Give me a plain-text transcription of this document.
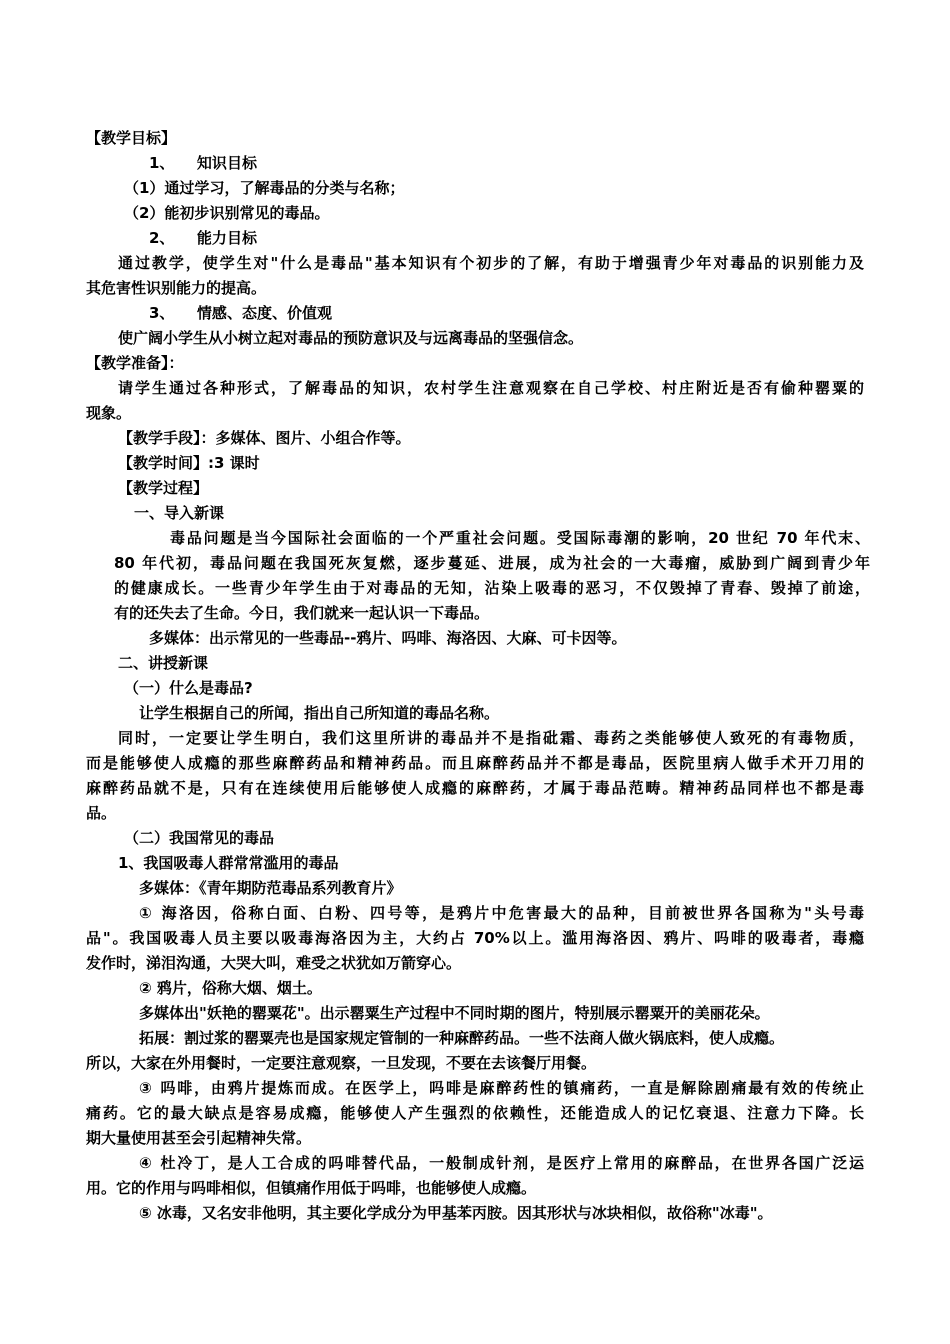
【教学目标】
1、　　知识目标
（1）通过学习，了解毒品的分类与名称；
（2）能初步识别常见的毒品。
2、　　能力目标
通过教学，使学生对"什么是毒品"基本知识有个初步的了解，有助于增强青少年对毒品的识别能力及
其危害性识别能力的提高。
3、　　情感、态度、价值观
使广阔小学生从小树立起对毒品的预防意识及与远离毒品的坚强信念。
【教学准备】：
请学生通过各种形式，了解毒品的知识，农村学生注意观察在自己学校、村庄附近是否有偷种罂粟的
现象。
【教学手段】：多媒体、图片、小组合作等。
【教学时间】:3 课时
【教学过程】
一、导入新课
毒品问题是当今国际社会面临的一个严重社会问题。受国际毒潮的影响，20 世纪 70 年代末、
80 年代初，毒品问题在我国死灰复燃，逐步蔓延、进展，成为社会的一大毒瘤，威胁到广阔到青少年
的健康成长。一些青少年学生由于对毒品的无知，沾染上吸毒的恶习，不仅毁掉了青春、毁掉了前途，
有的还失去了生命。今日，我们就来一起认识一下毒品。
多媒体：出示常见的一些毒品--鸦片、吗啡、海洛因、大麻、可卡因等。
二、讲授新课
（一）什么是毒品?
让学生根据自己的所闻，指出自己所知道的毒品名称。
同时，一定要让学生明白，我们这里所讲的毒品并不是指砒霜、毒药之类能够使人致死的有毒物质，
而是能够使人成瘾的那些麻醉药品和精神药品。而且麻醉药品并不都是毒品，医院里病人做手术开刀用的
麻醉药品就不是，只有在连续使用后能够使人成瘾的麻醉药，才属于毒品范畴。精神药品同样也不都是毒
品。
（二）我国常见的毒品
1、我国吸毒人群常常滥用的毒品
多媒体：《青年期防范毒品系列教育片》
① 海洛因，俗称白面、白粉、四号等，是鸦片中危害最大的品种，目前被世界各国称为"头号毒
品"。我国吸毒人员主要以吸毒海洛因为主，大约占 70%以上。滥用海洛因、鸦片、吗啡的吸毒者，毒瘾
发作时，涕泪沟通，大哭大叫，难受之状犹如万箭穿心。
② 鸦片，俗称大烟、烟土。
多媒体出"妖艳的罂粟花"。出示罂粟生产过程中不同时期的图片，特别展示罂粟开的美丽花朵。
拓展：割过浆的罂粟壳也是国家规定管制的一种麻醉药品。一些不法商人做火锅底料，使人成瘾。
所以，大家在外用餐时，一定要注意观察，一旦发现，不要在去该餐厅用餐。
③ 吗啡，由鸦片提炼而成。在医学上，吗啡是麻醉药性的镇痛药，一直是解除剧痛最有效的传统止
痛药。它的最大缺点是容易成瘾，能够使人产生强烈的依赖性，还能造成人的记忆衰退、注意力下降。长
期大量使用甚至会引起精神失常。
④ 杜冷丁，是人工合成的吗啡替代品，一般制成针剂，是医疗上常用的麻醉品，在世界各国广泛运
用。它的作用与吗啡相似，但镇痛作用低于吗啡，也能够使人成瘾。
⑤ 冰毒，又名安非他明，其主要化学成分为甲基苯丙胺。因其形状与冰块相似，故俗称"冰毒"。
